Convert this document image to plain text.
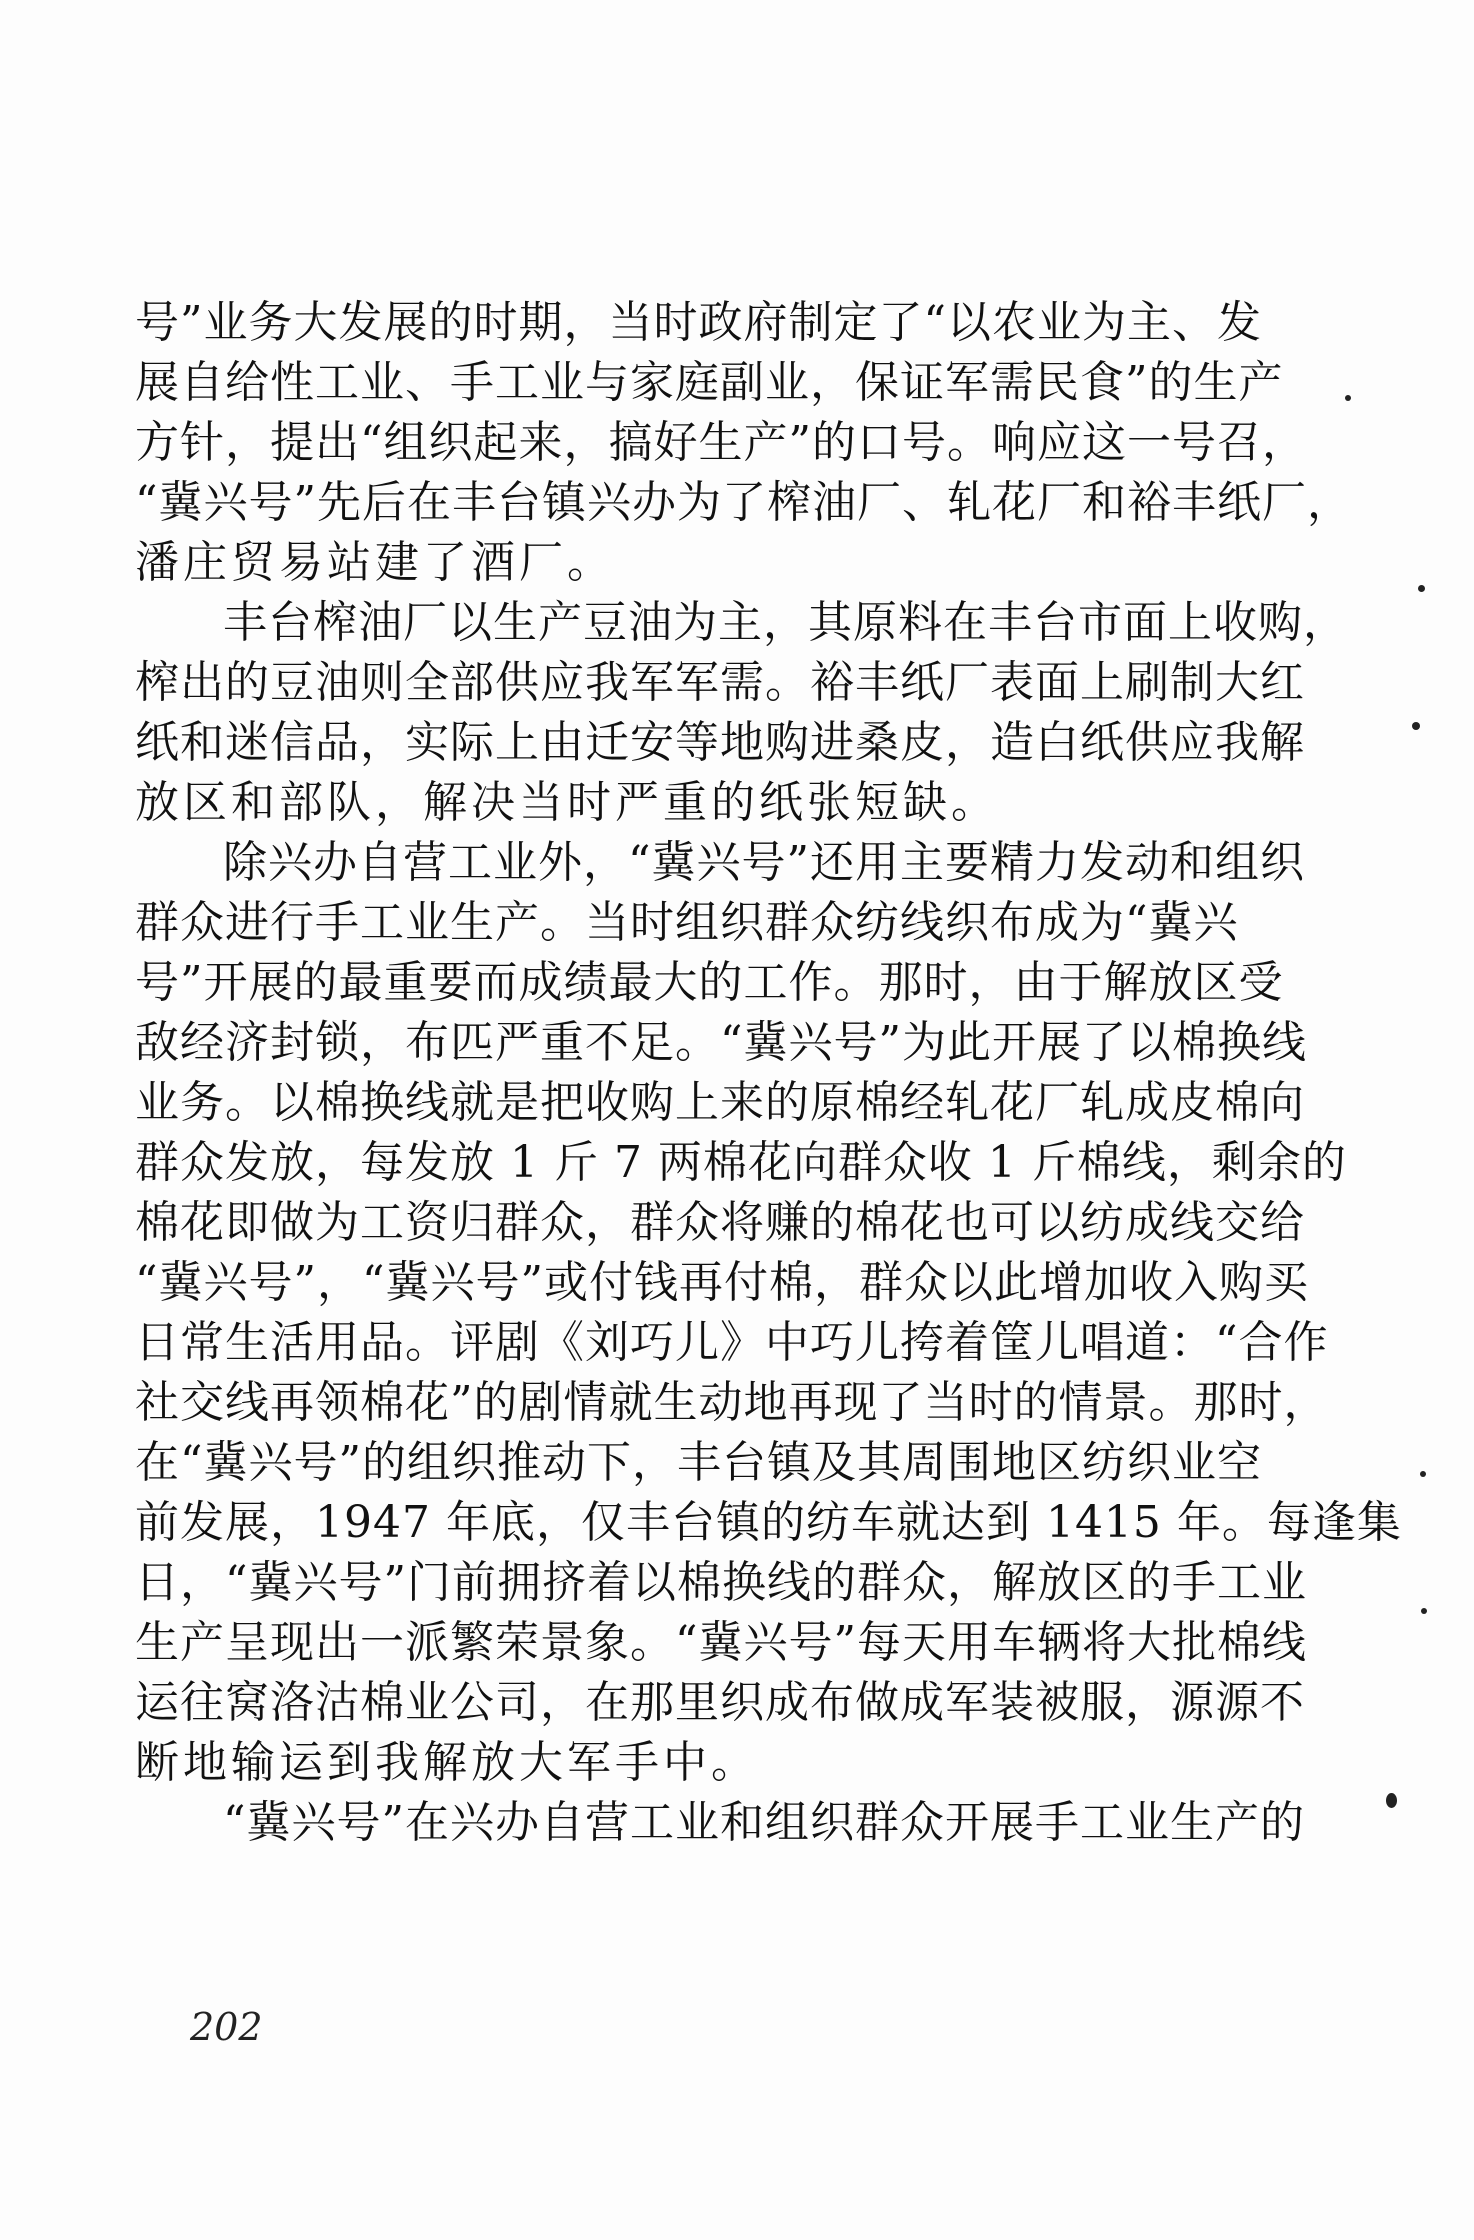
号”业务大发展的时期，当时政府制定了“以农业为主、发
展自给性工业、手工业与家庭副业，保证军需民食”的生产
方针，提出“组织起来，搞好生产”的口号。响应这一号召，
“冀兴号”先后在丰台镇兴办为了榨油厂、轧花厂和裕丰纸厂，
潘庄贸易站建了酒厂。
丰台榨油厂以生产豆油为主，其原料在丰台市面上收购，
榨出的豆油则全部供应我军军需。裕丰纸厂表面上刷制大红
纸和迷信品，实际上由迁安等地购进桑皮，造白纸供应我解
放区和部队，解决当时严重的纸张短缺。
除兴办自营工业外，“冀兴号”还用主要精力发动和组织
群众进行手工业生产。当时组织群众纺线织布成为“冀兴
号”开展的最重要而成绩最大的工作。那时，由于解放区受
敌经济封锁，布匹严重不足。“冀兴号”为此开展了以棉换线
业务。以棉换线就是把收购上来的原棉经轧花厂轧成皮棉向
群众发放，每发放 1 斤 7 两棉花向群众收 1 斤棉线，剩余的
棉花即做为工资归群众，群众将赚的棉花也可以纺成线交给
“冀兴号”，“冀兴号”或付钱再付棉，群众以此增加收入购买
日常生活用品。评剧《刘巧儿》中巧儿挎着筐儿唱道：“合作
社交线再领棉花”的剧情就生动地再现了当时的情景。那时，
在“冀兴号”的组织推动下，丰台镇及其周围地区纺织业空
前发展，1947 年底，仅丰台镇的纺车就达到 1415 年。每逢集
日，“冀兴号”门前拥挤着以棉换线的群众，解放区的手工业
生产呈现出一派繁荣景象。“冀兴号”每天用车辆将大批棉线
运往窝洛沽棉业公司，在那里织成布做成军装被服，源源不
断地输运到我解放大军手中。
“冀兴号”在兴办自营工业和组织群众开展手工业生产的
202
